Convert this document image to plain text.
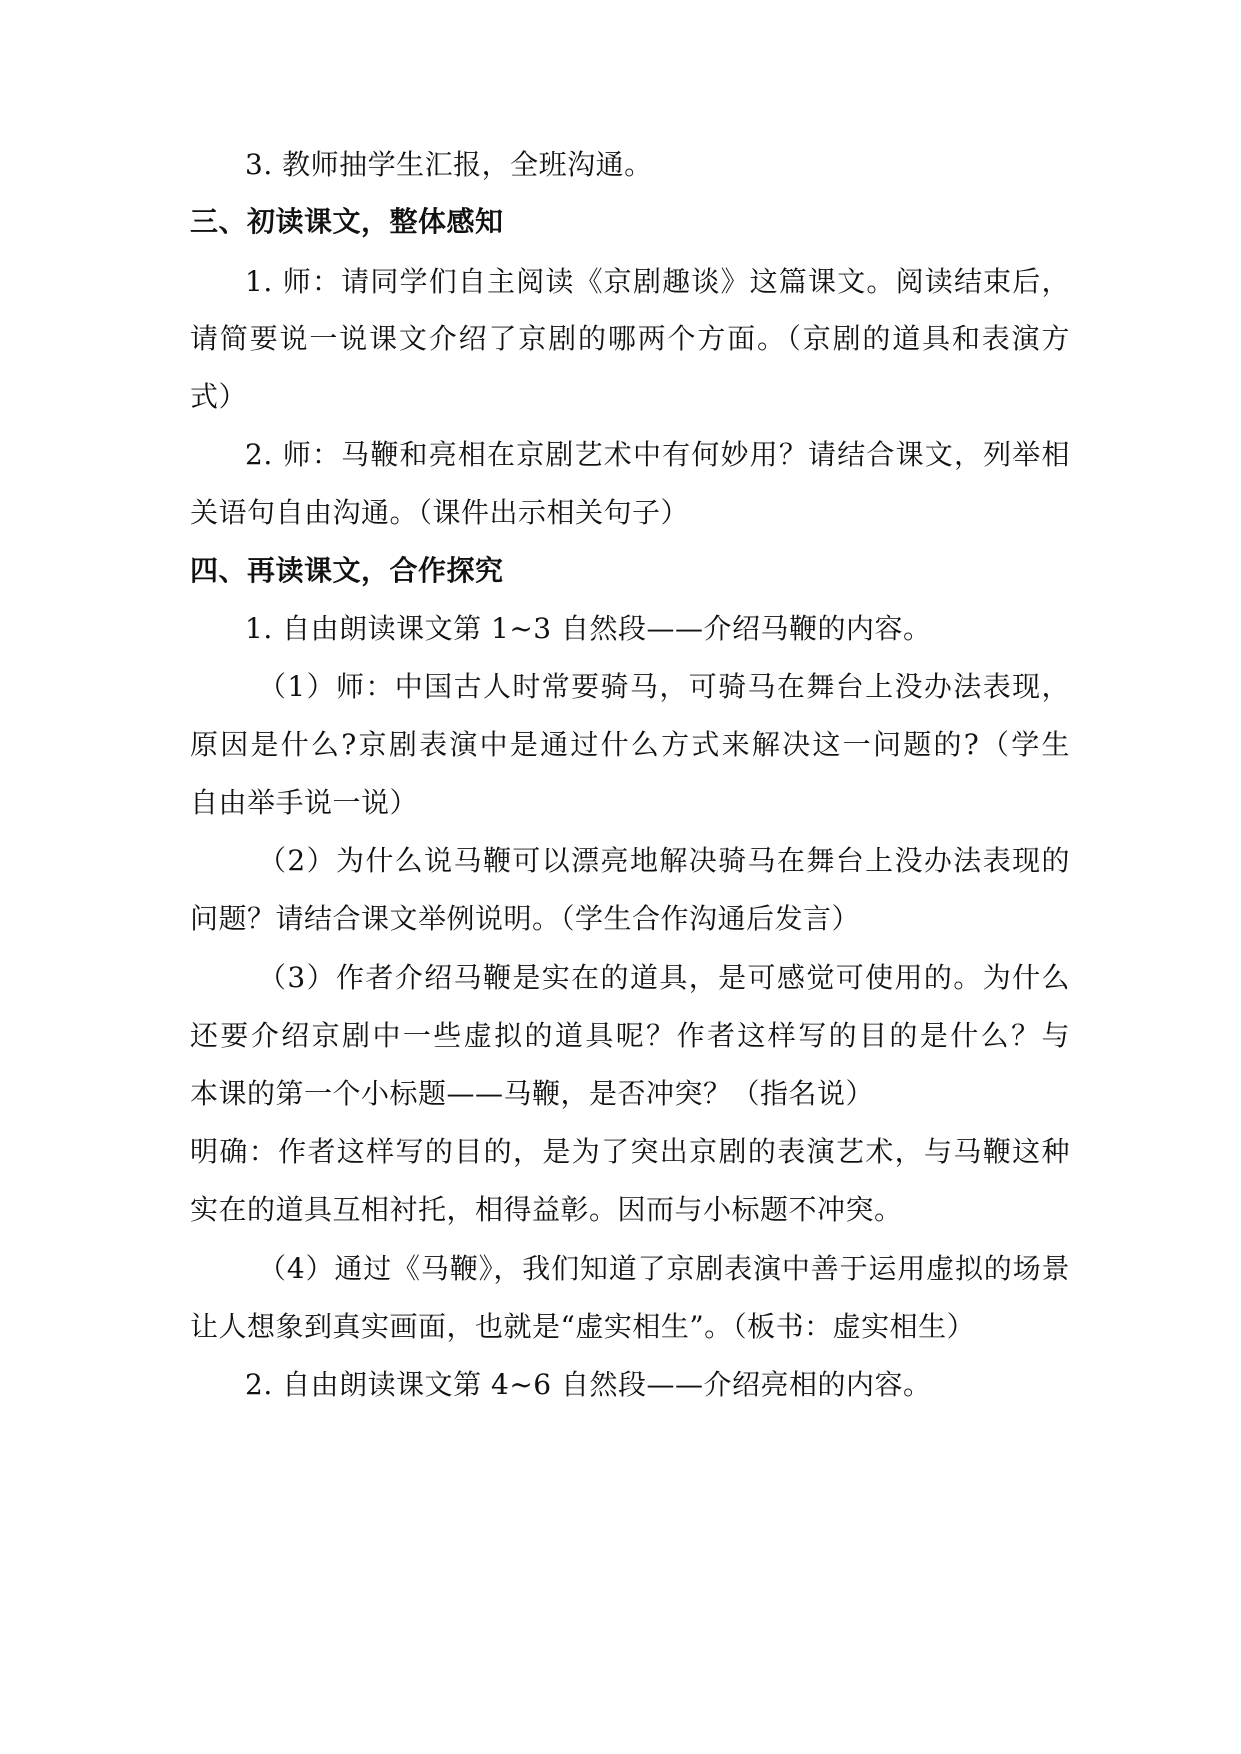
3. 教师抽学生汇报，全班沟通。
三、初读课文，整体感知
1. 师：请同学们自主阅读《京剧趣谈》这篇课文。阅读结束后，
请简要说一说课文介绍了京剧的哪两个方面。（京剧的道具和表演方
式）
2. 师：马鞭和亮相在京剧艺术中有何妙用？请结合课文，列举相
关语句自由沟通。（课件出示相关句子）
四、再读课文，合作探究
1. 自由朗读课文第 1~3 自然段——介绍马鞭的内容。
（1）师：中国古人时常要骑马，可骑马在舞台上没办法表现，
原因是什么?京剧表演中是通过什么方式来解决这一问题的?（学生
自由举手说一说）
（2）为什么说马鞭可以漂亮地解决骑马在舞台上没办法表现的
问题？请结合课文举例说明。（学生合作沟通后发言）
（3）作者介绍马鞭是实在的道具，是可感觉可使用的。为什么
还要介绍京剧中一些虚拟的道具呢？作者这样写的目的是什么？与
本课的第一个小标题——马鞭，是否冲突？（指名说）
明确：作者这样写的目的，是为了突出京剧的表演艺术，与马鞭这种
实在的道具互相衬托，相得益彰。因而与小标题不冲突。
（4）通过《马鞭》，我们知道了京剧表演中善于运用虚拟的场景
让人想象到真实画面，也就是“虚实相生”。（板书：虚实相生）
2. 自由朗读课文第 4~6 自然段——介绍亮相的内容。
